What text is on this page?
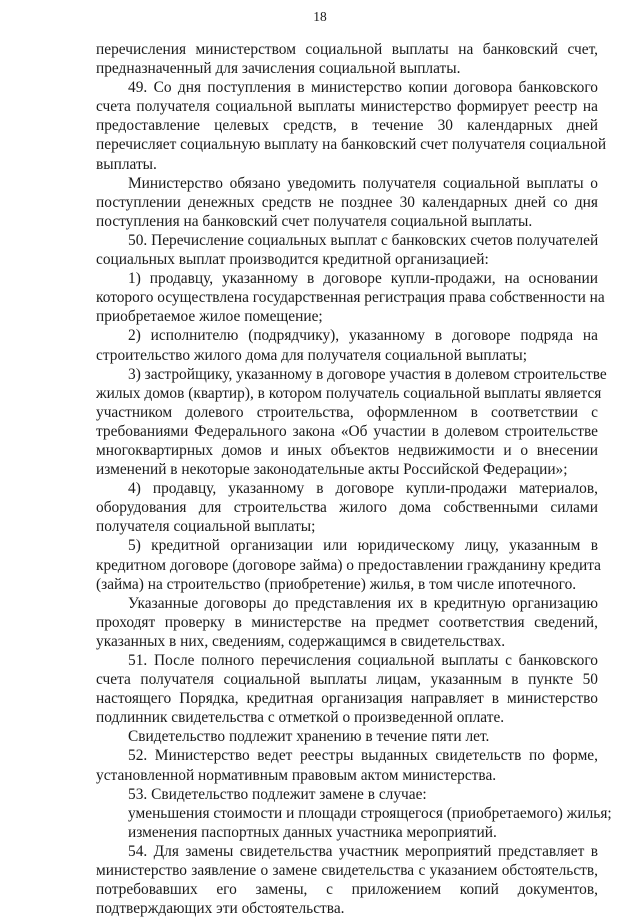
18
перечисления министерством социальной выплаты на банковский счет,
предназначенный для зачисления социальной выплаты.
49. Со дня поступления в министерство копии договора банковского
счета получателя социальной выплаты министерство формирует реестр на
предоставление целевых средств, в течение 30 календарных дней
перечисляет социальную выплату на банковский счет получателя социальной
выплаты.
Министерство обязано уведомить получателя социальной выплаты о
поступлении денежных средств не позднее 30 календарных дней со дня
поступления на банковский счет получателя социальной выплаты.
50. Перечисление социальных выплат с банковских счетов получателей
социальных выплат производится кредитной организацией:
1) продавцу, указанному в договоре купли-продажи, на основании
которого осуществлена государственная регистрация права собственности на
приобретаемое жилое помещение;
2) исполнителю (подрядчику), указанному в договоре подряда на
строительство жилого дома для получателя социальной выплаты;
3) застройщику, указанному в договоре участия в долевом строительстве
жилых домов (квартир), в котором получатель социальной выплаты является
участником долевого строительства, оформленном в соответствии с
требованиями Федерального закона «Об участии в долевом строительстве
многоквартирных домов и иных объектов недвижимости и о внесении
изменений в некоторые законодательные акты Российской Федерации»;
4) продавцу, указанному в договоре купли-продажи материалов,
оборудования для строительства жилого дома собственными силами
получателя социальной выплаты;
5) кредитной организации или юридическому лицу, указанным в
кредитном договоре (договоре займа) о предоставлении гражданину кредита
(займа) на строительство (приобретение) жилья, в том числе ипотечного.
Указанные договоры до представления их в кредитную организацию
проходят проверку в министерстве на предмет соответствия сведений,
указанных в них, сведениям, содержащимся в свидетельствах.
51. После полного перечисления социальной выплаты с банковского
счета получателя социальной выплаты лицам, указанным в пункте 50
настоящего Порядка, кредитная организация направляет в министерство
подлинник свидетельства с отметкой о произведенной оплате.
Свидетельство подлежит хранению в течение пяти лет.
52. Министерство ведет реестры выданных свидетельств по форме,
установленной нормативным правовым актом министерства.
53. Свидетельство подлежит замене в случае:
уменьшения стоимости и площади строящегося (приобретаемого) жилья;
изменения паспортных данных участника мероприятий.
54. Для замены свидетельства участник мероприятий представляет в
министерство заявление о замене свидетельства с указанием обстоятельств,
потребовавших его замены, с приложением копий документов,
подтверждающих эти обстоятельства.
